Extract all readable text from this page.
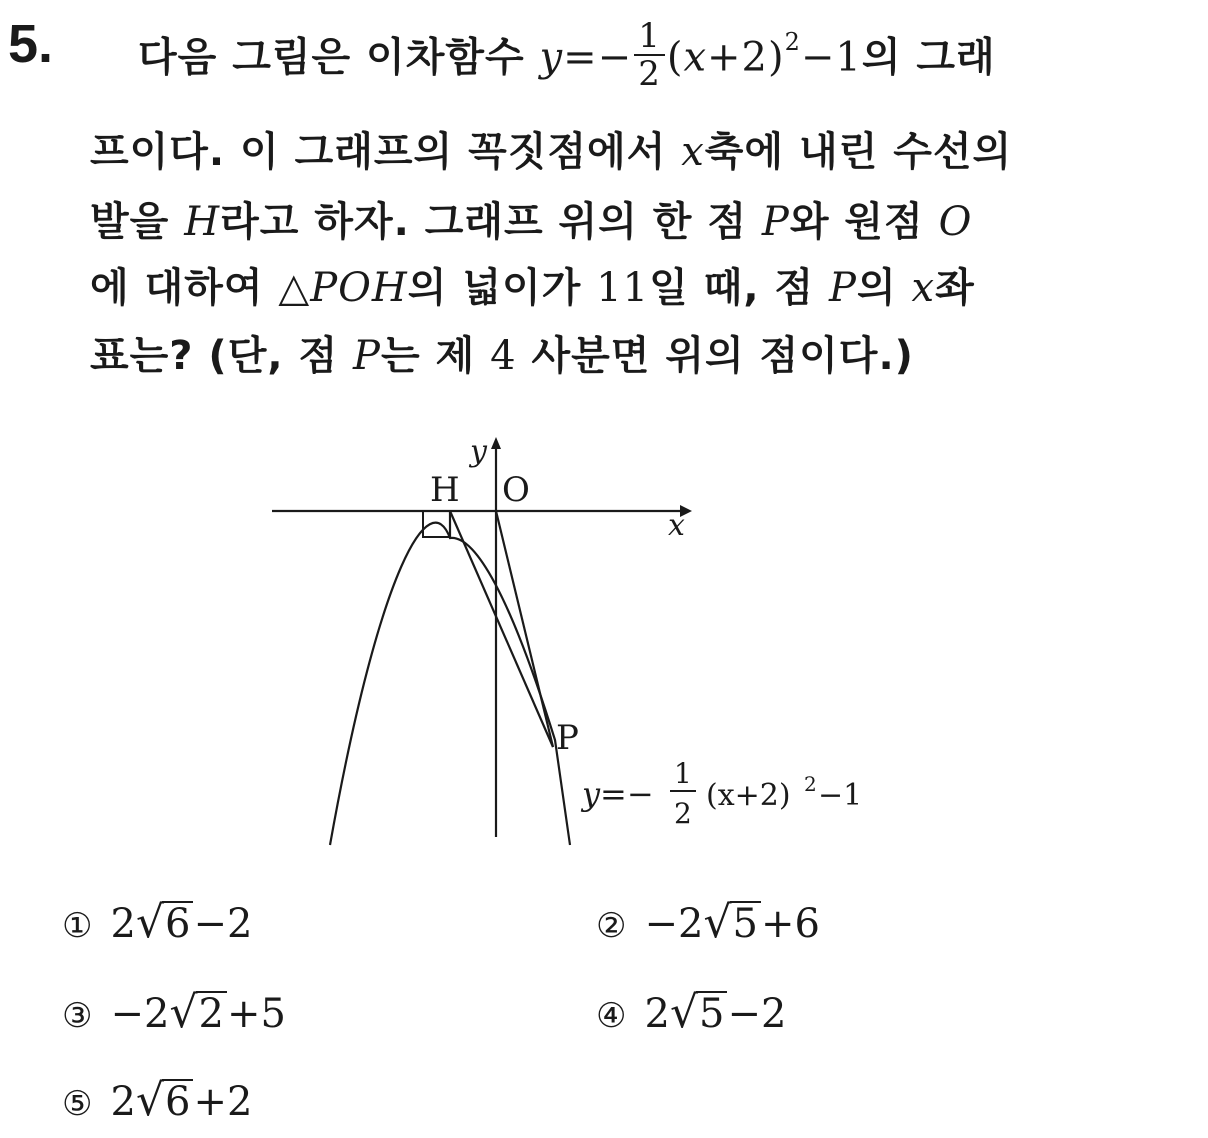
5. 다음 그림은 이차함수 $y=- \frac{1}{2} (x+2)^2-1$의 그래
프이다. 이 그래프의 꼭짓점에서 x축에 내린 수선의
발을 H라고 하자. 그래프 위의 한 점 P와 원점 O
에 대하여 △POH의 넓이가 11일 때, 점 P의 x좌
표는? (단, 점 P는 제 4 사분면 위의 점이다.)
y
x
H O
P
y =−
1
2
(x+2) 2 −1
① 2√6−2	② −2√5+6
③ −2√2+5	④ 2√5−2
⑤ 2√6+2
